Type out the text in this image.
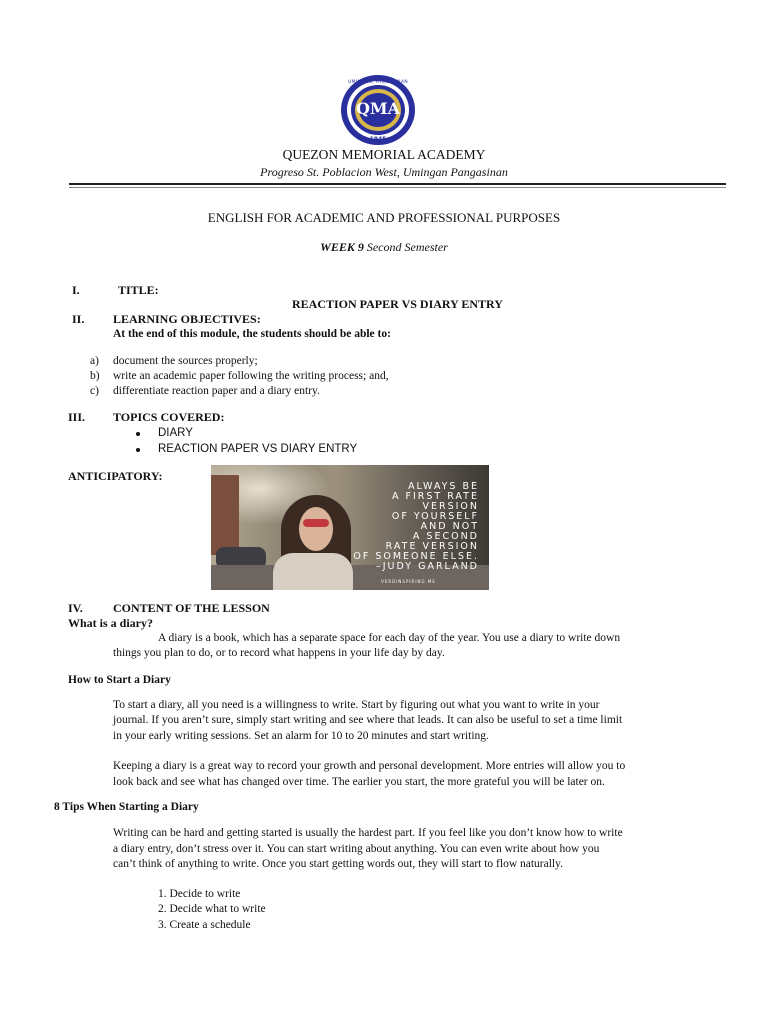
UMINGAN, PANGASINAN
QMA
1945
QUEZON MEMORIAL ACADEMY
Progreso St. Poblacion West, Umingan Pangasinan
ENGLISH FOR ACADEMIC AND PROFESSIONAL PURPOSES
WEEK 9 Second Semester
I.	TITLE:
REACTION PAPER VS DIARY ENTRY
II. LEARNING OBJECTIVES:
At the end of this module, the students should be able to:
a) document the sources properly;
b) write an academic paper following the writing process; and,
c) differentiate reaction paper and a diary entry.
III. TOPICS COVERED:
DIARY
REACTION PAPER VS DIARY ENTRY
ANTICIPATORY:
ALWAYS BE
A FIRST RATE
VERSION
OF YOURSELF
AND NOT
A SECOND
RATE VERSION
OF SOMEONE ELSE.
–JUDY GARLAND
VERDINSPIRING.ME
IV.	CONTENT OF THE LESSON
What is a diary?
A diary is a book, which has a separate space for each day of the year. You use a diary to write down
things you plan to do, or to record what happens in your life day by day.
How to Start a Diary
To start a diary, all you need is a willingness to write. Start by figuring out what you want to write in your
journal. If you aren’t sure, simply start writing and see where that leads. It can also be useful to set a time limit
in your early writing sessions. Set an alarm for 10 to 20 minutes and start writing.
Keeping a diary is a great way to record your growth and personal development. More entries will allow you to
look back and see what has changed over time. The earlier you start, the more grateful you will be later on.
8 Tips When Starting a Diary
Writing can be hard and getting started is usually the hardest part. If you feel like you don’t know how to write
a diary entry, don’t stress over it. You can start writing about anything. You can even write about how you
can’t think of anything to write. Once you start getting words out, they will start to flow naturally.
1. Decide to write
2. Decide what to write
3. Create a schedule
